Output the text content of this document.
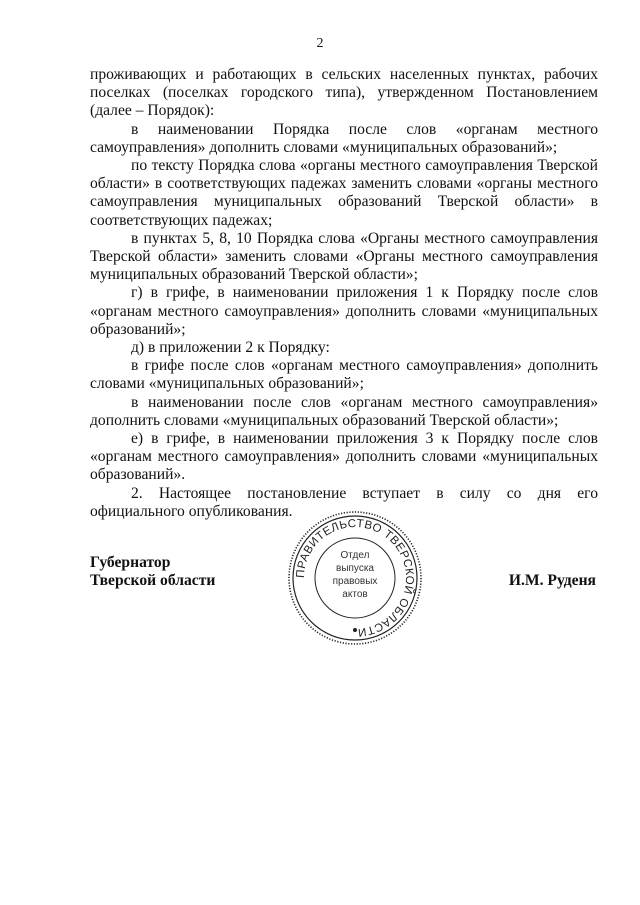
2

проживающих и работающих в сельских населенных пунктах, рабочих поселках (поселках городского типа), утвержденном Постановлением (далее – Порядок):

в наименовании Порядка после слов «органам местного самоуправления» дополнить словами «муниципальных образований»;

по тексту Порядка слова «органы местного самоуправления Тверской области» в соответствующих падежах заменить словами «органы местного самоуправления муниципальных образований Тверской области» в соответствующих падежах;

в пунктах 5, 8, 10 Порядка слова «Органы местного самоуправления Тверской области» заменить словами «Органы местного самоуправления муниципальных образований Тверской области»;

г) в грифе, в наименовании приложения 1 к Порядку после слов «органам местного самоуправления» дополнить словами «муниципальных образований»;

д) в приложении 2 к Порядку:

в грифе после слов «органам местного самоуправления» дополнить словами «муниципальных образований»;

в наименовании после слов «органам местного самоуправления» дополнить словами «муниципальных образований Тверской области»;

е) в грифе, в наименовании приложения 3 к Порядку после слов «органам местного самоуправления» дополнить словами «муниципальных образований».

2. Настоящее постановление вступает в силу со дня его официального опубликования.

Губернатор
Тверской области	ПРАВИТЕЛЬСТВО ТВЕРСКОЙ ОБЛАСТИ
Отдел
выпуска
правовых
актов
И.М. Руденя
